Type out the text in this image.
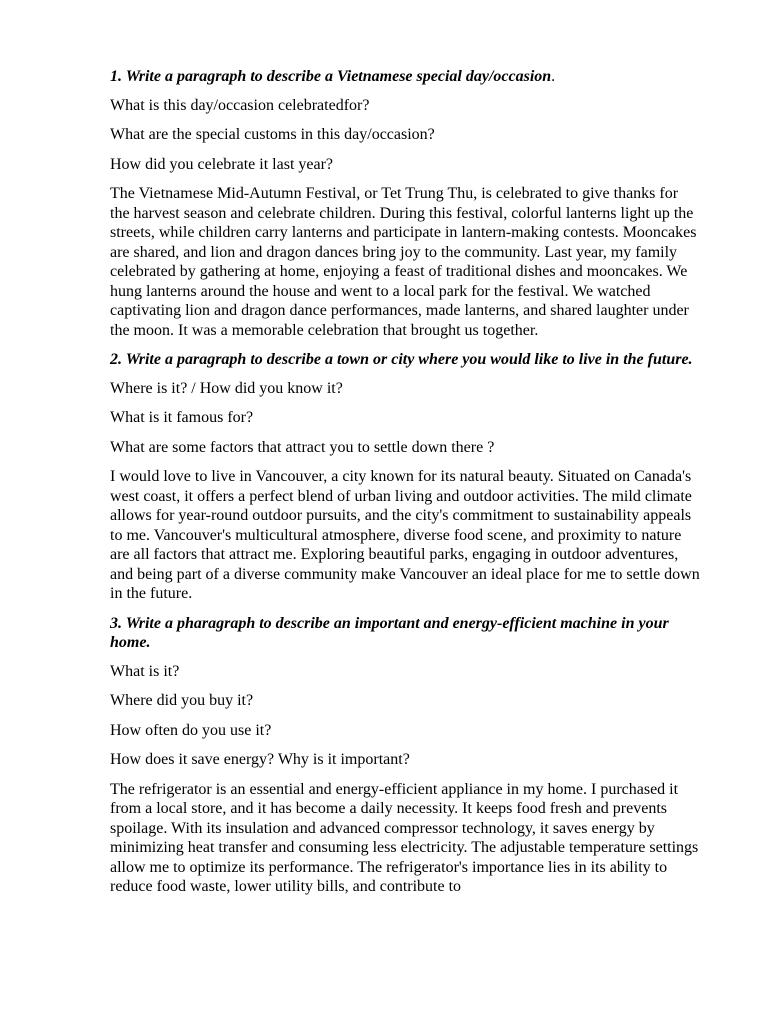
1. Write a paragraph to describe a Vietnamese special day/occasion.

What is this day/occasion celebratedfor?

What are the special customs in this day/occasion?

How did you celebrate it last year?

The Vietnamese Mid-Autumn Festival, or Tet Trung Thu, is celebrated to give thanks for the harvest season and celebrate children. During this festival, colorful lanterns light up the streets, while children carry lanterns and participate in lantern-making contests. Mooncakes are shared, and lion and dragon dances bring joy to the community. Last year, my family celebrated by gathering at home, enjoying a feast of traditional dishes and mooncakes. We hung lanterns around the house and went to a local park for the festival. We watched captivating lion and dragon dance performances, made lanterns, and shared laughter under the moon. It was a memorable celebration that brought us together.

2. Write a paragraph to describe a town or city where you would like to live in the future.

Where is it? / How did you know it?

What is it famous for?

What are some factors that attract you to settle down there ?

I would love to live in Vancouver, a city known for its natural beauty. Situated on Canada's west coast, it offers a perfect blend of urban living and outdoor activities. The mild climate allows for year-round outdoor pursuits, and the city's commitment to sustainability appeals to me. Vancouver's multicultural atmosphere, diverse food scene, and proximity to nature are all factors that attract me. Exploring beautiful parks, engaging in outdoor adventures, and being part of a diverse community make Vancouver an ideal place for me to settle down in the future.

3. Write a pharagraph to describe an important and energy-efficient machine in your home.

What is it?

Where did you buy it?

How often do you use it?

How does it save energy? Why is it important?

The refrigerator is an essential and energy-efficient appliance in my home. I purchased it from a local store, and it has become a daily necessity. It keeps food fresh and prevents spoilage. With its insulation and advanced compressor technology, it saves energy by minimizing heat transfer and consuming less electricity. The adjustable temperature settings allow me to optimize its performance. The refrigerator's importance lies in its ability to reduce food waste, lower utility bills, and contribute to
